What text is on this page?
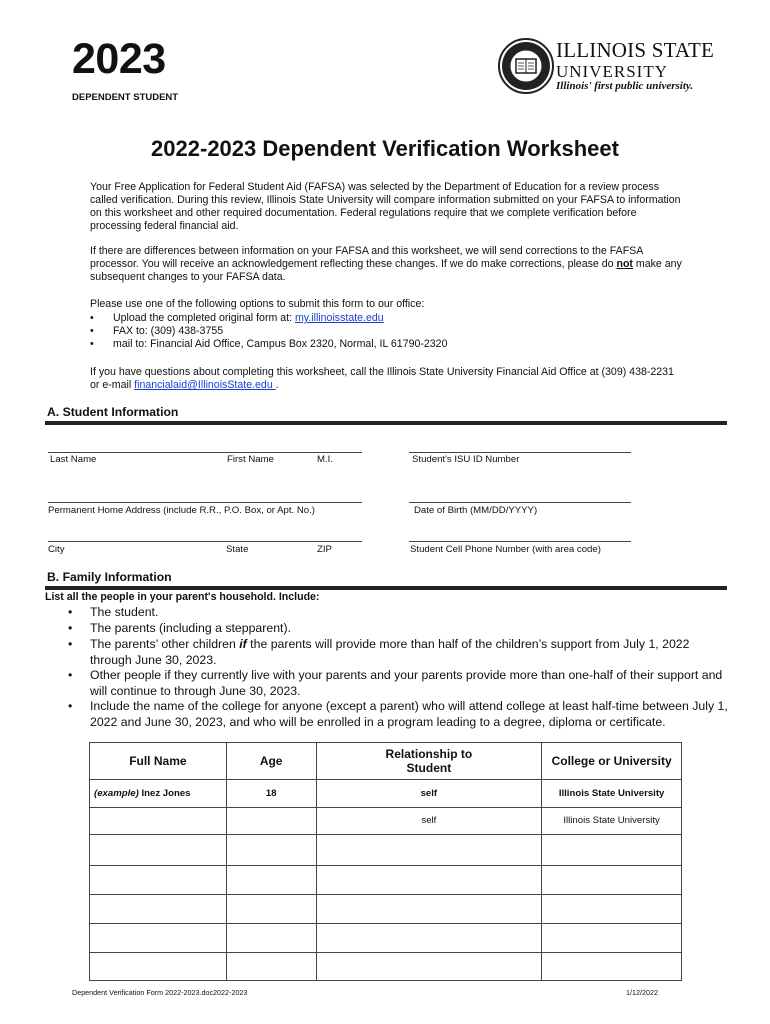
2023
DEPENDENT STUDENT
ILLINOIS STATE
UNIVERSITY
Illinois' first public university.
2022-2023 Dependent Verification Worksheet
Your Free Application for Federal Student Aid (FAFSA) was selected by the Department of Education for a review process called verification. During this review, Illinois State University will compare information submitted on your FAFSA to information on this worksheet and other required documentation. Federal regulations require that we complete verification before processing federal financial aid.
If there are differences between information on your FAFSA and this worksheet, we will send corrections to the FAFSA processor. You will receive an acknowledgement reflecting these changes. If we do make corrections, please do not make any subsequent changes to your FAFSA data.
Please use one of the following options to submit this form to our office:
• Upload the completed original form at: my.illinoisstate.edu
• FAX to: (309) 438-3755
• mail to: Financial Aid Office, Campus Box 2320, Normal, IL 61790-2320
If you have questions about completing this worksheet, call the Illinois State University Financial Aid Office at (309) 438-2231 or e-mail financialaid@IllinoisState.edu .
A. Student Information
Last Name	First Name	M.I.	Student's ISU ID Number
Permanent Home Address (include R.R., P.O. Box, or Apt. No.)	Date of Birth (MM/DD/YYYY)
City	State	ZIP	Student Cell Phone Number (with area code)
B. Family Information
List all the people in your parent's household. Include:
• The student.
• The parents (including a stepparent).
• The parents’ other children if the parents will provide more than half of the children’s support from July 1, 2022 through June 30, 2023.
• Other people if they currently live with your parents and your parents provide more than one-half of their support and will continue to through June 30, 2023.
• Include the name of the college for anyone (except a parent) who will attend college at least half-time between July 1, 2022 and June 30, 2023, and who will be enrolled in a program leading to a degree, diploma or certificate.
Full Name	Age	Relationship to Student	College or University
(example) Inez Jones	18	self	Illinois State University
		self	Illinois State University

Dependent Verification Form 2022-2023.doc2022-2023	1/12/2022
